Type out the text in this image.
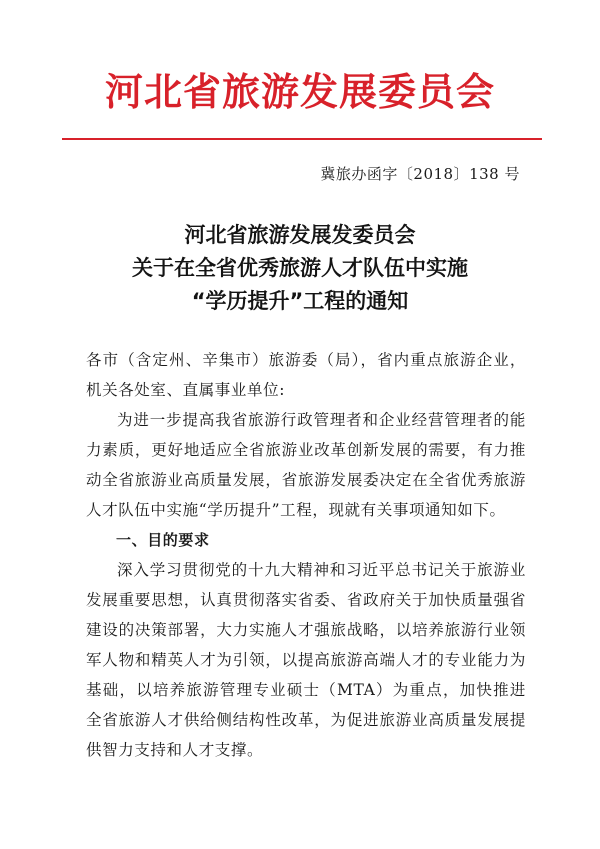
河北省旅游发展委员会
冀旅办函字〔2018〕138 号
河北省旅游发展发委员会
关于在全省优秀旅游人才队伍中实施
“学历提升”工程的通知

各市（含定州、辛集市）旅游委（局），省内重点旅游企业，机关各处室、直属事业单位:

为进一步提高我省旅游行政管理者和企业经营管理者的能力素质，更好地适应全省旅游业改革创新发展的需要，有力推动全省旅游业高质量发展，省旅游发展委决定在全省优秀旅游人才队伍中实施“学历提升”工程，现就有关事项通知如下。

一、目的要求

深入学习贯彻党的十九大精神和习近平总书记关于旅游业发展重要思想，认真贯彻落实省委、省政府关于加快质量强省建设的决策部署，大力实施人才强旅战略，以培养旅游行业领军人物和精英人才为引领，以提高旅游高端人才的专业能力为基础，以培养旅游管理专业硕士（MTA）为重点，加快推进全省旅游人才供给侧结构性改革，为促进旅游业高质量发展提供智力支持和人才支撑。
